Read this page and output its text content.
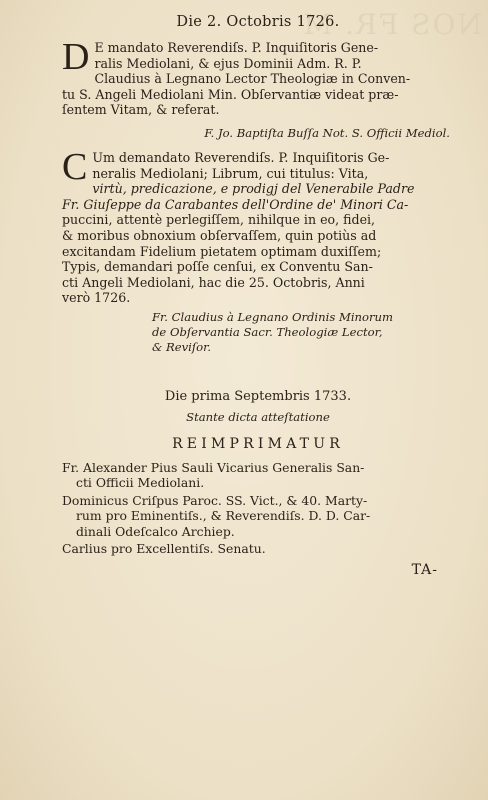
NOS FR. M
Die 2. Octobris 1726.
D E mandato Reverendiſs. P. Inquiſitoris Gene-
ralis Mediolani, & ejus Dominii Adm. R. P.
Claudius à Legnano Lector Theologiæ in Conven-
tu S. Angeli Mediolani Min. Obſervantiæ videat præ-
ſentem Vitam, & referat.
F. Jo. Baptiſta Buſſa Not. S. Officii Mediol.
C Um demandato Reverendiſs. P. Inquiſitoris Ge-
neralis Mediolani; Librum, cui titulus: Vita,
virtù, predicazione, e prodigj del Venerabile Padre
Fr. Giuſeppe da Carabantes dell'Ordine de' Minori Ca-
puccini, attentè perlegiſſem, nihilque in eo, fidei,
& moribus obnoxium obſervaſſem, quin potiùs ad
excitandam Fidelium pietatem optimam duxiſſem;
Typis, demandari poſſe cenſui, ex Conventu San-
cti Angeli Mediolani, hac die 25. Octobris, Anni
verò 1726.
Fr. Claudius à Legnano Ordinis Minorum
de Obſervantia Sacr. Theologiæ Lector,
& Reviſor.
Die prima Septembris 1733.
Stante dicta atteſtatione
REIMPRIMATUR
Fr. Alexander Pius Sauli Vicarius Generalis San-
cti Officii Mediolani.
Dominicus Criſpus Paroc. SS. Vict., & 40. Marty-
rum pro Eminentiſs., & Reverendiſs. D. D. Car-
dinali Odeſcalco Archiep.
Carlius pro Excellentiſs. Senatu.
TA-
